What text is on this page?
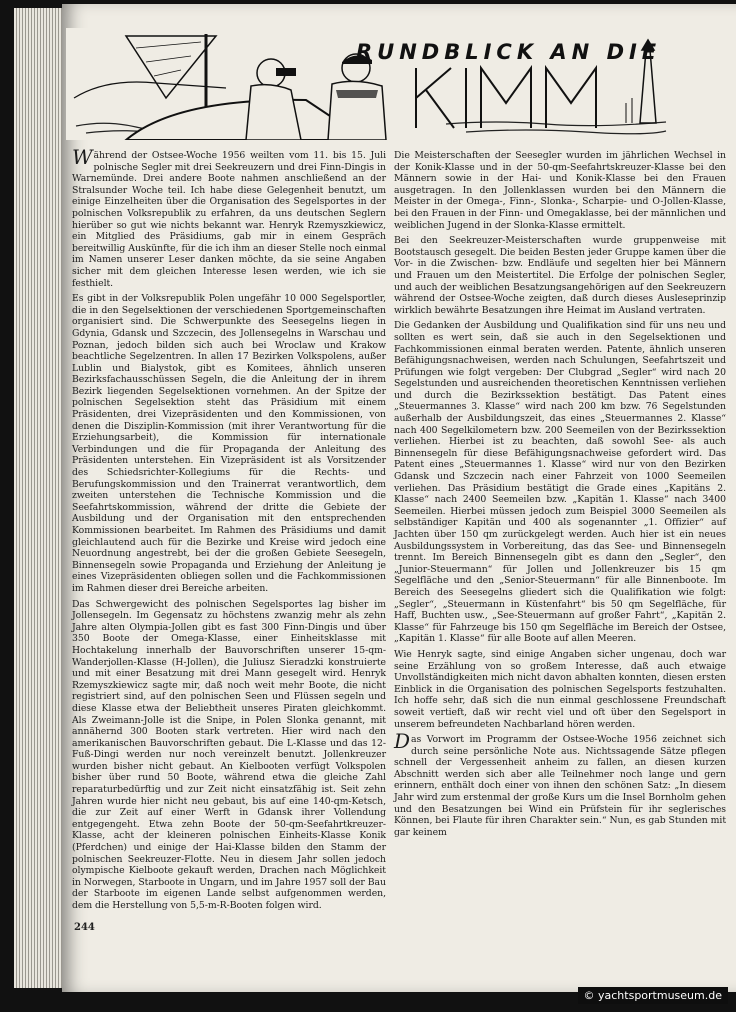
RUNDBLICK AN DIE

Während der Ostsee-Woche 1956 weilten vom 11. bis 15. Juli polnische Segler mit drei Seekreuzern und drei Finn-Dingis in Warnemünde. Drei andere Boote nahmen anschließend an der Stralsunder Woche teil. Ich habe diese Gelegenheit benutzt, um einige Einzelheiten über die Organisation des Segelsportes in der polnischen Volksrepublik zu erfahren, da uns deutschen Seglern hierüber so gut wie nichts bekannt war. Henryk Rzemyszkiewicz, ein Mitglied des Präsidiums, gab mir in einem Gespräch bereitwillig Auskünfte, für die ich ihm an dieser Stelle noch einmal im Namen unserer Leser danken möchte, da sie seine Angaben sicher mit dem gleichen Interesse lesen werden, wie ich sie festhielt.

Es gibt in der Volksrepublik Polen ungefähr 10 000 Segelsportler, die in den Segelsektionen der verschiedenen Sportgemeinschaften organisiert sind. Die Schwerpunkte des Seesegelns liegen in Gdynia, Gdansk und Szczecin, des Jollensegelns in Warschau und Poznan, jedoch bilden sich auch bei Wroclaw und Krakow beachtliche Segelzentren. In allen 17 Bezirken Volkspolens, außer Lublin und Bialystok, gibt es Komitees, ähnlich unseren Bezirksfachausschüssen Segeln, die die Anleitung der in ihrem Bezirk liegenden Segelsektionen vornehmen. An der Spitze der polnischen Segelsektion steht das Präsidium mit einem Präsidenten, drei Vizepräsidenten und den Kommissionen, von denen die Disziplin-Kommission (mit ihrer Verantwortung für die Erziehungsarbeit), die Kommission für internationale Verbindungen und die für Propaganda der Anleitung des Präsidenten unterstehen. Ein Vizepräsident ist als Vorsitzender des Schiedsrichter-Kollegiums für die Rechts- und Berufungskommission und den Trainerrat verantwortlich, dem zweiten unterstehen die Technische Kommission und die Seefahrtskommission, während der dritte die Gebiete der Ausbildung und der Organisation mit den entsprechenden Kommissionen bearbeitet. Im Rahmen des Präsidiums und damit gleichlautend auch für die Bezirke und Kreise wird jedoch eine Neuordnung angestrebt, bei der die großen Gebiete Seesegeln, Binnensegeln sowie Propaganda und Erziehung der Anleitung je eines Vizepräsidenten obliegen sollen und die Fachkommissionen im Rahmen dieser drei Bereiche arbeiten.

Das Schwergewicht des polnischen Segelsportes lag bisher im Jollensegeln. Im Gegensatz zu höchstens zwanzig mehr als zehn Jahre alten Olympia-Jollen gibt es fast 300 Finn-Dingis und über 350 Boote der Omega-Klasse, einer Einheitsklasse mit Hochtakelung innerhalb der Bauvorschriften unserer 15-qm-Wanderjollen-Klasse (H-Jollen), die Juliusz Sieradzki konstruierte und mit einer Besatzung mit drei Mann gesegelt wird. Henryk Rzemyszkiewicz sagte mir, daß noch weit mehr Boote, die nicht registriert sind, auf den polnischen Seen und Flüssen segeln und diese Klasse etwa der Beliebtheit unseres Piraten gleichkommt. Als Zweimann-Jolle ist die Snipe, in Polen Slonka genannt, mit annähernd 300 Booten stark vertreten. Hier wird nach den amerikanischen Bauvorschriften gebaut. Die L-Klasse und das 12-Fuß-Dingi werden nur noch vereinzelt benutzt. Jollenkreuzer wurden bisher nicht gebaut. An Kielbooten verfügt Volkspolen bisher über rund 50 Boote, während etwa die gleiche Zahl reparaturbedürftig und zur Zeit nicht einsatzfähig ist. Seit zehn Jahren wurde hier nicht neu gebaut, bis auf eine 140-qm-Ketsch, die zur Zeit auf einer Werft in Gdansk ihrer Vollendung entgegengeht. Etwa zehn Boote der 50-qm-Seefahrtkreuzer-Klasse, acht der kleineren polnischen Einheits-Klasse Konik (Pferdchen) und einige der Hai-Klasse bilden den Stamm der polnischen Seekreuzer-Flotte. Neu in diesem Jahr sollen jedoch olympische Kielboote gekauft werden, Drachen nach Möglichkeit in Norwegen, Starboote in Ungarn, und im Jahre 1957 soll der Bau der Starboote im eigenen Lande selbst aufgenommen werden, dem die Herstellung von 5,5-m-R-Booten folgen wird.

Die Meisterschaften der Seesegler wurden im jährlichen Wechsel in der Konik-Klasse und in der 50-qm-Seefahrtskreuzer-Klasse bei den Männern sowie in der Hai- und Konik-Klasse bei den Frauen ausgetragen. In den Jollenklassen wurden bei den Männern die Meister in der Omega-, Finn-, Slonka-, Scharpie- und O-Jollen-Klasse, bei den Frauen in der Finn- und Omegaklasse, bei der männlichen und weiblichen Jugend in der Slonka-Klasse ermittelt.

Bei den Seekreuzer-Meisterschaften wurde gruppenweise mit Bootstausch gesegelt. Die beiden Besten jeder Gruppe kamen über die Vor- in die Zwischen- bzw. Endläufe und segelten hier bei Männern und Frauen um den Meistertitel. Die Erfolge der polnischen Segler, und auch der weiblichen Besatzungsangehörigen auf den Seekreuzern während der Ostsee-Woche zeigten, daß durch dieses Ausleseprinzip wirklich bewährte Besatzungen ihre Heimat im Ausland vertraten.

Die Gedanken der Ausbildung und Qualifikation sind für uns neu und sollten es wert sein, daß sie auch in den Segelsektionen und Fachkommissionen einmal beraten werden. Patente, ähnlich unseren Befähigungsnachweisen, werden nach Schulungen, Seefahrtszeit und Prüfungen wie folgt vergeben: Der Clubgrad „Segler“ wird nach 20 Segelstunden und ausreichenden theoretischen Kenntnissen verliehen und durch die Bezirkssektion bestätigt. Das Patent eines „Steuermannes 3. Klasse“ wird nach 200 km bzw. 76 Segelstunden außerhalb der Ausbildungszeit, das eines „Steuermannes 2. Klasse“ nach 400 Segelkilometern bzw. 200 Seemeilen von der Bezirkssektion verliehen. Hierbei ist zu beachten, daß sowohl See- als auch Binnensegeln für diese Befähigungsnachweise gefordert wird. Das Patent eines „Steuermannes 1. Klasse“ wird nur von den Bezirken Gdansk und Szczecin nach einer Fahrzeit von 1000 Seemeilen verliehen. Das Präsidium bestätigt die Grade eines „Kapitäns 2. Klasse“ nach 2400 Seemeilen bzw. „Kapitän 1. Klasse“ nach 3400 Seemeilen. Hierbei müssen jedoch zum Beispiel 3000 Seemeilen als selbständiger Kapitän und 400 als sogenannter „1. Offizier“ auf Jachten über 150 qm zurückgelegt werden. Auch hier ist ein neues Ausbildungssystem in Vorbereitung, das das See- und Binnensegeln trennt. Im Bereich Binnensegeln gibt es dann den „Segler“, den „Junior-Steuermann“ für Jollen und Jollenkreuzer bis 15 qm Segelfläche und den „Senior-Steuermann“ für alle Binnenboote. Im Bereich des Seesegelns gliedert sich die Qualifikation wie folgt: „Segler“, „Steuermann in Küstenfahrt“ bis 50 qm Segelfläche, für Haff, Buchten usw., „See-Steuermann auf großer Fahrt“, „Kapitän 2. Klasse“ für Fahrzeuge bis 150 qm Segelfläche im Bereich der Ostsee, „Kapitän 1. Klasse“ für alle Boote auf allen Meeren.

Wie Henryk sagte, sind einige Angaben sicher ungenau, doch war seine Erzählung von so großem Interesse, daß auch etwaige Unvollständigkeiten mich nicht davon abhalten konnten, diesen ersten Einblick in die Organisation des polnischen Segelsports festzuhalten. Ich hoffe sehr, daß sich die nun einmal geschlossene Freundschaft soweit vertieft, daß wir recht viel und oft über den Segelsport in unserem befreundeten Nachbarland hören werden.

Das Vorwort im Programm der Ostsee-Woche 1956 zeichnet sich durch seine persönliche Note aus. Nichtssagende Sätze pflegen schnell der Vergessenheit anheim zu fallen, an diesen kurzen Abschnitt werden sich aber alle Teilnehmer noch lange und gern erinnern, enthält doch einer von ihnen den schönen Satz: „In diesem Jahr wird zum erstenmal der große Kurs um die Insel Bornholm gehen und den Besatzungen bei Wind ein Prüfstein für ihr seglerisches Können, bei Flaute für ihren Charakter sein.“ Nun, es gab Stunden mit gar keinem

244
© yachtsportmuseum.de
